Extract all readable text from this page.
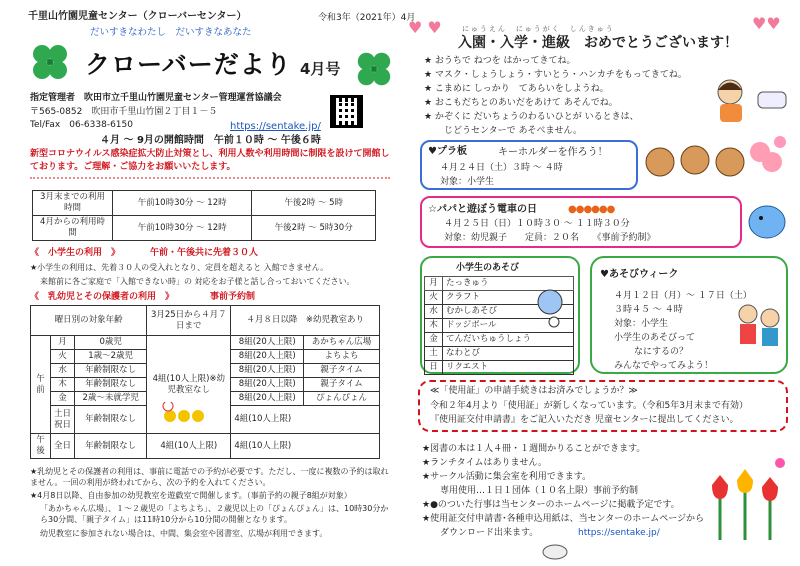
千里山竹園児童センター（クローバーセンター）	令和3年（2021年）4月
だいすきなわたし　だいすきなあなた
クローバーだより 4月号
指定管理者　吹田市立千里山竹園児童センター管理運営協議会
〒565-0852　吹田市千里山竹園２丁目１－５
Tel/Fax　06-6338-6150	https://sentake.jp/
４月 ～ 9月の開館時間　午前１０時 ～ 午後６時
新型コロナウイルス感染症拡大防止対策とし、利用人数や利用時間に制限を設けて開館しております。ご理解・ご協力をお願いいたします。
3月末までの利用時間	午前10時30分 ～ 12時	午後2時 ～ 5時
4月からの利用時間	午前10時30分 ～ 12時	午後2時 ～ 5時30分
《　小学生の利用　》	午前・午後共に先着３０人
★小学生の利用は、先着３０人の受入れとなり、定員を超えると 入館できません。
来館前に各ご家庭で「入館できない時」の 対応をお子様と話し合っておいてください。
《　乳幼児とその保護者の利用　》	事前予約制
曜日別の対象年齢			3月25日から４月７日まで	４月８日以降　※幼児教室あり	
午前	月	0歳児	4組(10人上限)※幼児教室なし	8組(20人上限)	あかちゃん広場
	火	1歳～2歳児		8組(20人上限)	よちよち
	水	年齢制限なし		8組(20人上限)	親子タイム
	木	年齢制限なし		8組(20人上限)	親子タイム
	金	2歳～未就学児		8組(20人上限)	ぴょんぴょん
	土日祝日	年齢制限なし		4組(10人上限)	
午後	全日	年齢制限なし	4組(10人上限)	4組(10人上限)	
★乳幼児とその保護者の利用は、事前に電話での予約が必要です。ただし、一度に複数の予約は取れません。一回の利用が終われてから、次の予約を入れてください。
★4月8日以降、自由参加の幼児教室を遊戯室で開催します。（事前予約の親子8組が対象）
「あかちゃん広場」、１～２歳児の「よちよち」、２歳児以上の「ぴょんぴょん」は、10時30分から30分間、「親子タイム」は11時10分から10分間の開催となります。
幼児教室に参加されない場合は、中間、集会室や図書室、広場が利用できます。
♥ ♥	♥♥
にゅうえん　にゅうがく　しんきゅう
入園・入学・進級　おめでとうございます！
★ おうちで ねつを はかってきてね。
★ マスク・しょうしょう・すいとう・ハンカチをもってきてね。
★ こまめに しっかり　てあらいをしようね。
★ おこもだちとのあいだをあけて あそんでね。
★ かぞくに だいちょうのわるいひとが いるときは、
じどうセンターで あそべません。
♥プラ板	キーホルダーを作ろう！
４月２４日（土）３時 ～ ４時
対象：小学生
☆パパと遊ぼう電車の日	●●●●●●
４月２５日（日）１０時３０ ～ １１時３０分
対象：幼児親子　　定員：２０名　　《事前予約制》
小学生のあそび
月	たっきゅう
火	クラフト
水	むかしあそび
木	ドッジボール
金	てんだいちゅうしょう
土	なわとび
日	リクエスト
♥あそびウィーク
４月１２日（月）～ １７日（土）
３時４５ ～ ４時
対象：小学生
小学生のあそびって
なにするの？
みんなでやってみよう！
≪「使用証」の申請手続きはお済みでしょうか？≫
令和２年4月より「使用証」が新しくなっています。（令和5年3月末まで有効）
『使用証交付申請書』をご記入いただき 児童センターに提出してください。
★図書の本は１人４冊・１週間かりることができます。
★ランチタイムはありません。
★サークル活動に集会室を利用できます。
専用使用…１日１団体（１０名上限）事前予約制
★●のついた行事は当センターのホームページに掲載予定です。
★使用証交付申請書･各種申込用紙は、当センターのホームページから
ダウンロード出来ます。	https://sentake.jp/
